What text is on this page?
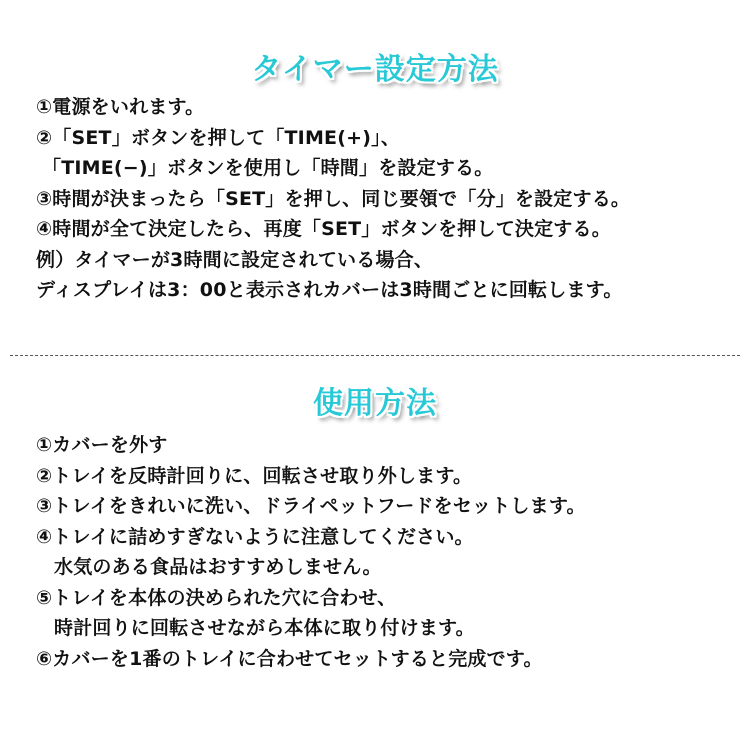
タイマー設定方法
①電源をいれます。
②「SET」ボタンを押して「TIME(+)」、
「TIME(−)」ボタンを使用し「時間」を設定する。
③時間が決まったら「SET」を押し、同じ要領で「分」を設定する。
④時間が全て決定したら、再度「SET」ボタンを押して決定する。
例）タイマーが3時間に設定されている場合、
ディスプレイは3：00と表示されカバーは3時間ごとに回転します。
使用方法
①カバーを外す
②トレイを反時計回りに、回転させ取り外します。
③トレイをきれいに洗い、ドライペットフードをセットします。
④トレイに詰めすぎないように注意してください。
水気のある食品はおすすめしません。
⑤トレイを本体の決められた穴に合わせ、
時計回りに回転させながら本体に取り付けます。
⑥カバーを1番のトレイに合わせてセットすると完成です。
